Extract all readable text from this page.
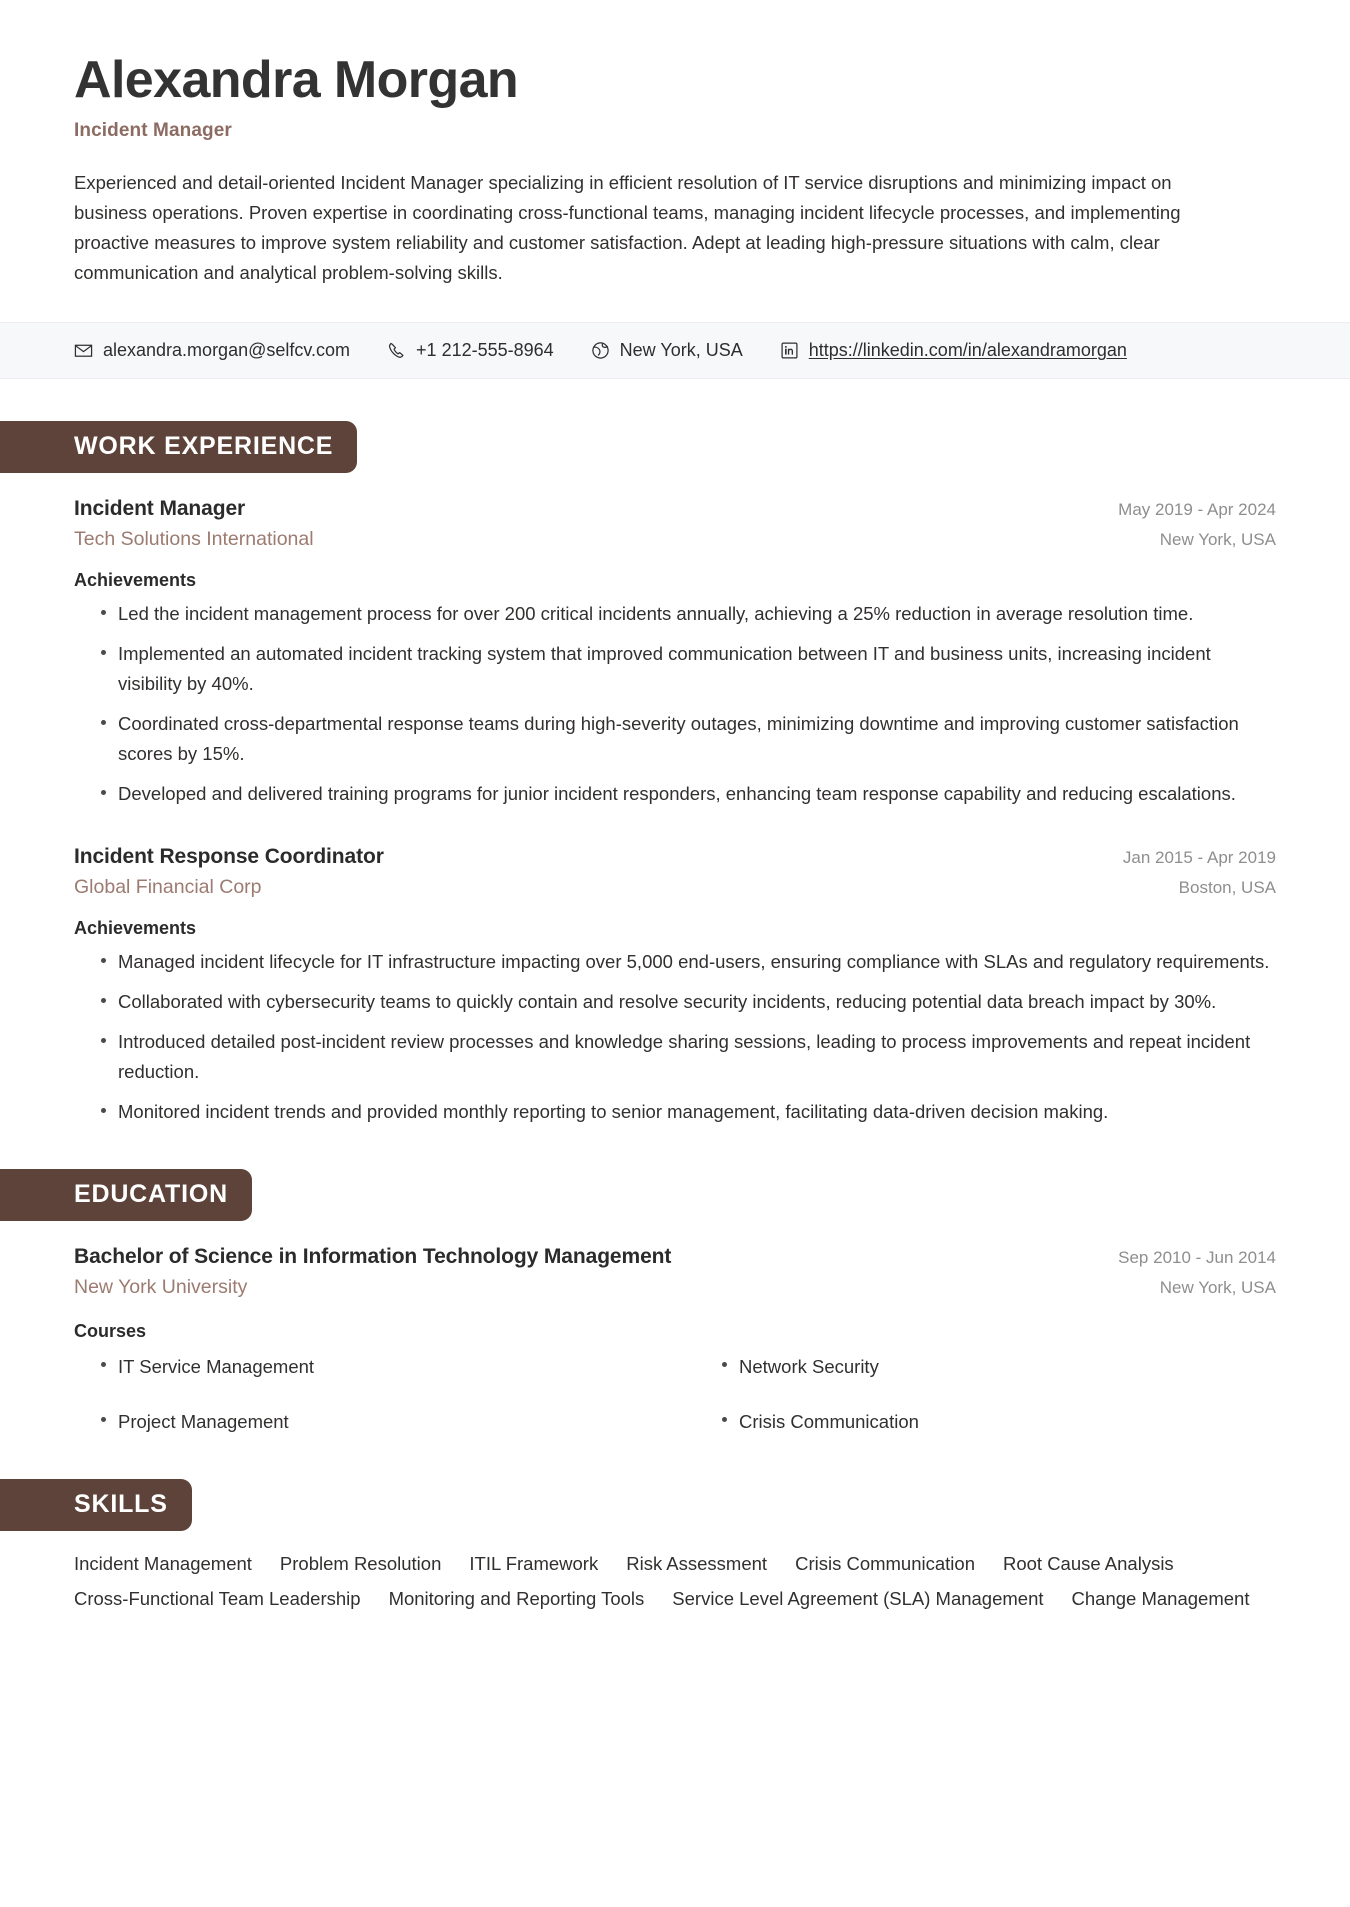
Alexandra Morgan
Incident Manager
Experienced and detail-oriented Incident Manager specializing in efficient resolution of IT service disruptions and minimizing impact on business operations. Proven expertise in coordinating cross-functional teams, managing incident lifecycle processes, and implementing proactive measures to improve system reliability and customer satisfaction. Adept at leading high-pressure situations with calm, clear communication and analytical problem-solving skills.
alexandra.morgan@selfcv.com	+1 212-555-8964	New York, USA	https://linkedin.com/in/alexandramorgan
WORK EXPERIENCE
Incident Manager	May 2019 - Apr 2024
Tech Solutions International	New York, USA
Achievements
Led the incident management process for over 200 critical incidents annually, achieving a 25% reduction in average resolution time.
Implemented an automated incident tracking system that improved communication between IT and business units, increasing incident visibility by 40%.
Coordinated cross-departmental response teams during high-severity outages, minimizing downtime and improving customer satisfaction scores by 15%.
Developed and delivered training programs for junior incident responders, enhancing team response capability and reducing escalations.
Incident Response Coordinator	Jan 2015 - Apr 2019
Global Financial Corp	Boston, USA
Achievements
Managed incident lifecycle for IT infrastructure impacting over 5,000 end-users, ensuring compliance with SLAs and regulatory requirements.
Collaborated with cybersecurity teams to quickly contain and resolve security incidents, reducing potential data breach impact by 30%.
Introduced detailed post-incident review processes and knowledge sharing sessions, leading to process improvements and repeat incident reduction.
Monitored incident trends and provided monthly reporting to senior management, facilitating data-driven decision making.
EDUCATION
Bachelor of Science in Information Technology Management	Sep 2010 - Jun 2014
New York University	New York, USA
Courses
IT Service Management	Network Security
Project Management	Crisis Communication
SKILLS
Incident Management Problem Resolution ITIL Framework Risk Assessment Crisis Communication Root Cause Analysis
Cross-Functional Team Leadership Monitoring and Reporting Tools Service Level Agreement (SLA) Management Change Management
